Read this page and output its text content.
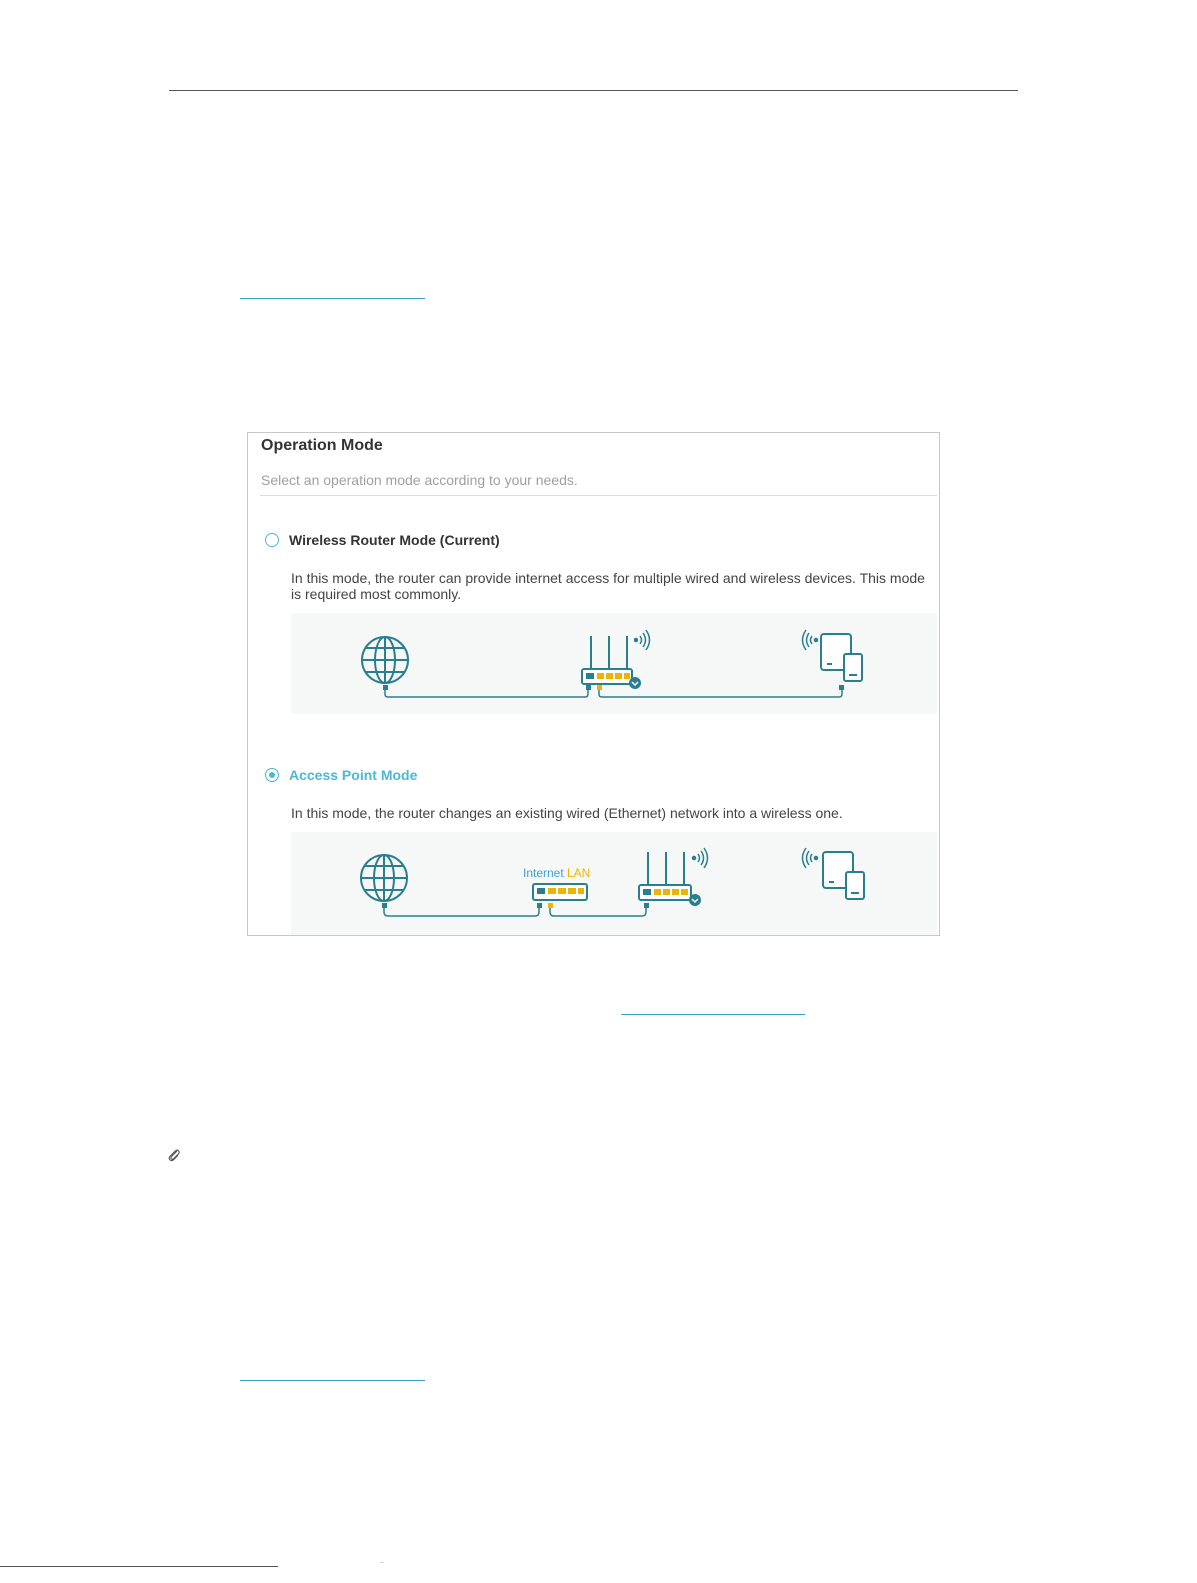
Operation Mode
Select an operation mode according to your needs.
Wireless Router Mode (Current)
In this mode, the router can provide internet access for multiple wired and wireless devices. This mode is required most commonly.
Access Point Mode
In this mode, the router changes an existing wired (Ethernet) network into a wireless one.
Internet LAN
